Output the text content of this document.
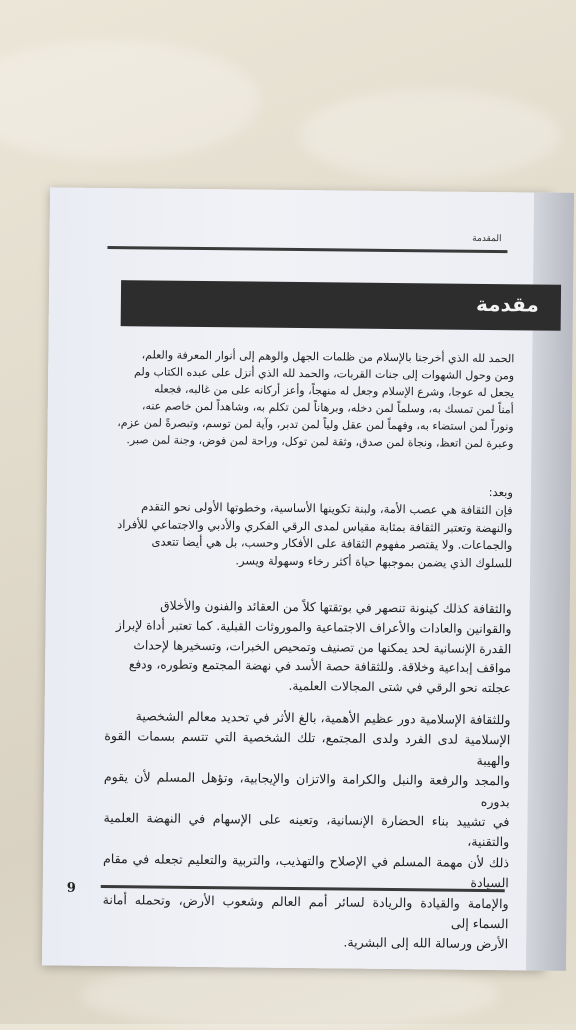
المقدمة
مقدمة
الحمد لله الذي أخرجنا بالإسلام من ظلمات الجهل والوهم إلى أنوار المعرفة والعلم،
ومن وحول الشهوات إلى جنات القربات، والحمد لله الذي أنزل على عبده الكتاب ولم
يجعل له عوجا، وشرع الإسلام وجعل له منهجاً، وأعز أركانه على من غالبه، فجعله
أمناً لمن تمسك به، وسلماً لمن دخله، وبرهاناً لمن تكلم به، وشاهداً لمن خاصم عنه،
ونوراً لمن استضاء به، وفهماً لمن عقل ولياً لمن تدبر، وآية لمن توسم، وتبصرةً لمن عزم،
وعبرة لمن اتعظ، ونجاة لمن صدق، وثقة لمن توكل، وراحة لمن فوض، وجنة لمن صبر.
وبعد:
فإن الثقافة هي عصب الأمة، ولبنة تكوينها الأساسية، وخطوتها الأولى نحو التقدم
والنهضة وتعتبر الثقافة بمثابة مقياس لمدى الرقي الفكري والأدبي والاجتماعي للأفراد
والجماعات. ولا يقتصر مفهوم الثقافة على الأفكار وحسب، بل هي أيضا تتعدى
للسلوك الذي يضمن بموجبها حياة أكثر رخاء وسهولة ويسر.
والثقافة كذلك كينونة تنصهر في بوتقتها كلاً من العقائد والفنون والأخلاق
والقوانين والعادات والأعراف الاجتماعية والموروثات القبلية. كما تعتبر أداة لإبراز
القدرة الإنسانية لحد يمكنها من تصنيف وتمحيص الخبرات، وتسخيرها لإحداث
مواقف إبداعية وخلاقة. وللثقافة حصة الأسد في نهضة المجتمع وتطوره، ودفع
عجلته نحو الرقي في شتى المجالات العلمية.
وللثقافة الإسلامية دور عظيم الأهمية، بالغ الأثر في تحديد معالم الشخصية
الإسلامية لدى الفرد ولدى المجتمع، تلك الشخصية التي تتسم بسمات القوة والهيبة
والمجد والرفعة والنبل والكرامة والاتزان والإيجابية، وتؤهل المسلم لأن يقوم بدوره
في تشييد بناء الحضارة الإنسانية، وتعينه على الإسهام في النهضة العلمية والتقنية،
ذلك لأن مهمة المسلم في الإصلاح والتهذيب، والتربية والتعليم تجعله في مقام السيادة
والإمامة والقيادة والريادة لسائر أمم العالم وشعوب الأرض، وتحمله أمانة السماء إلى
الأرض ورسالة الله إلى البشرية.
9
